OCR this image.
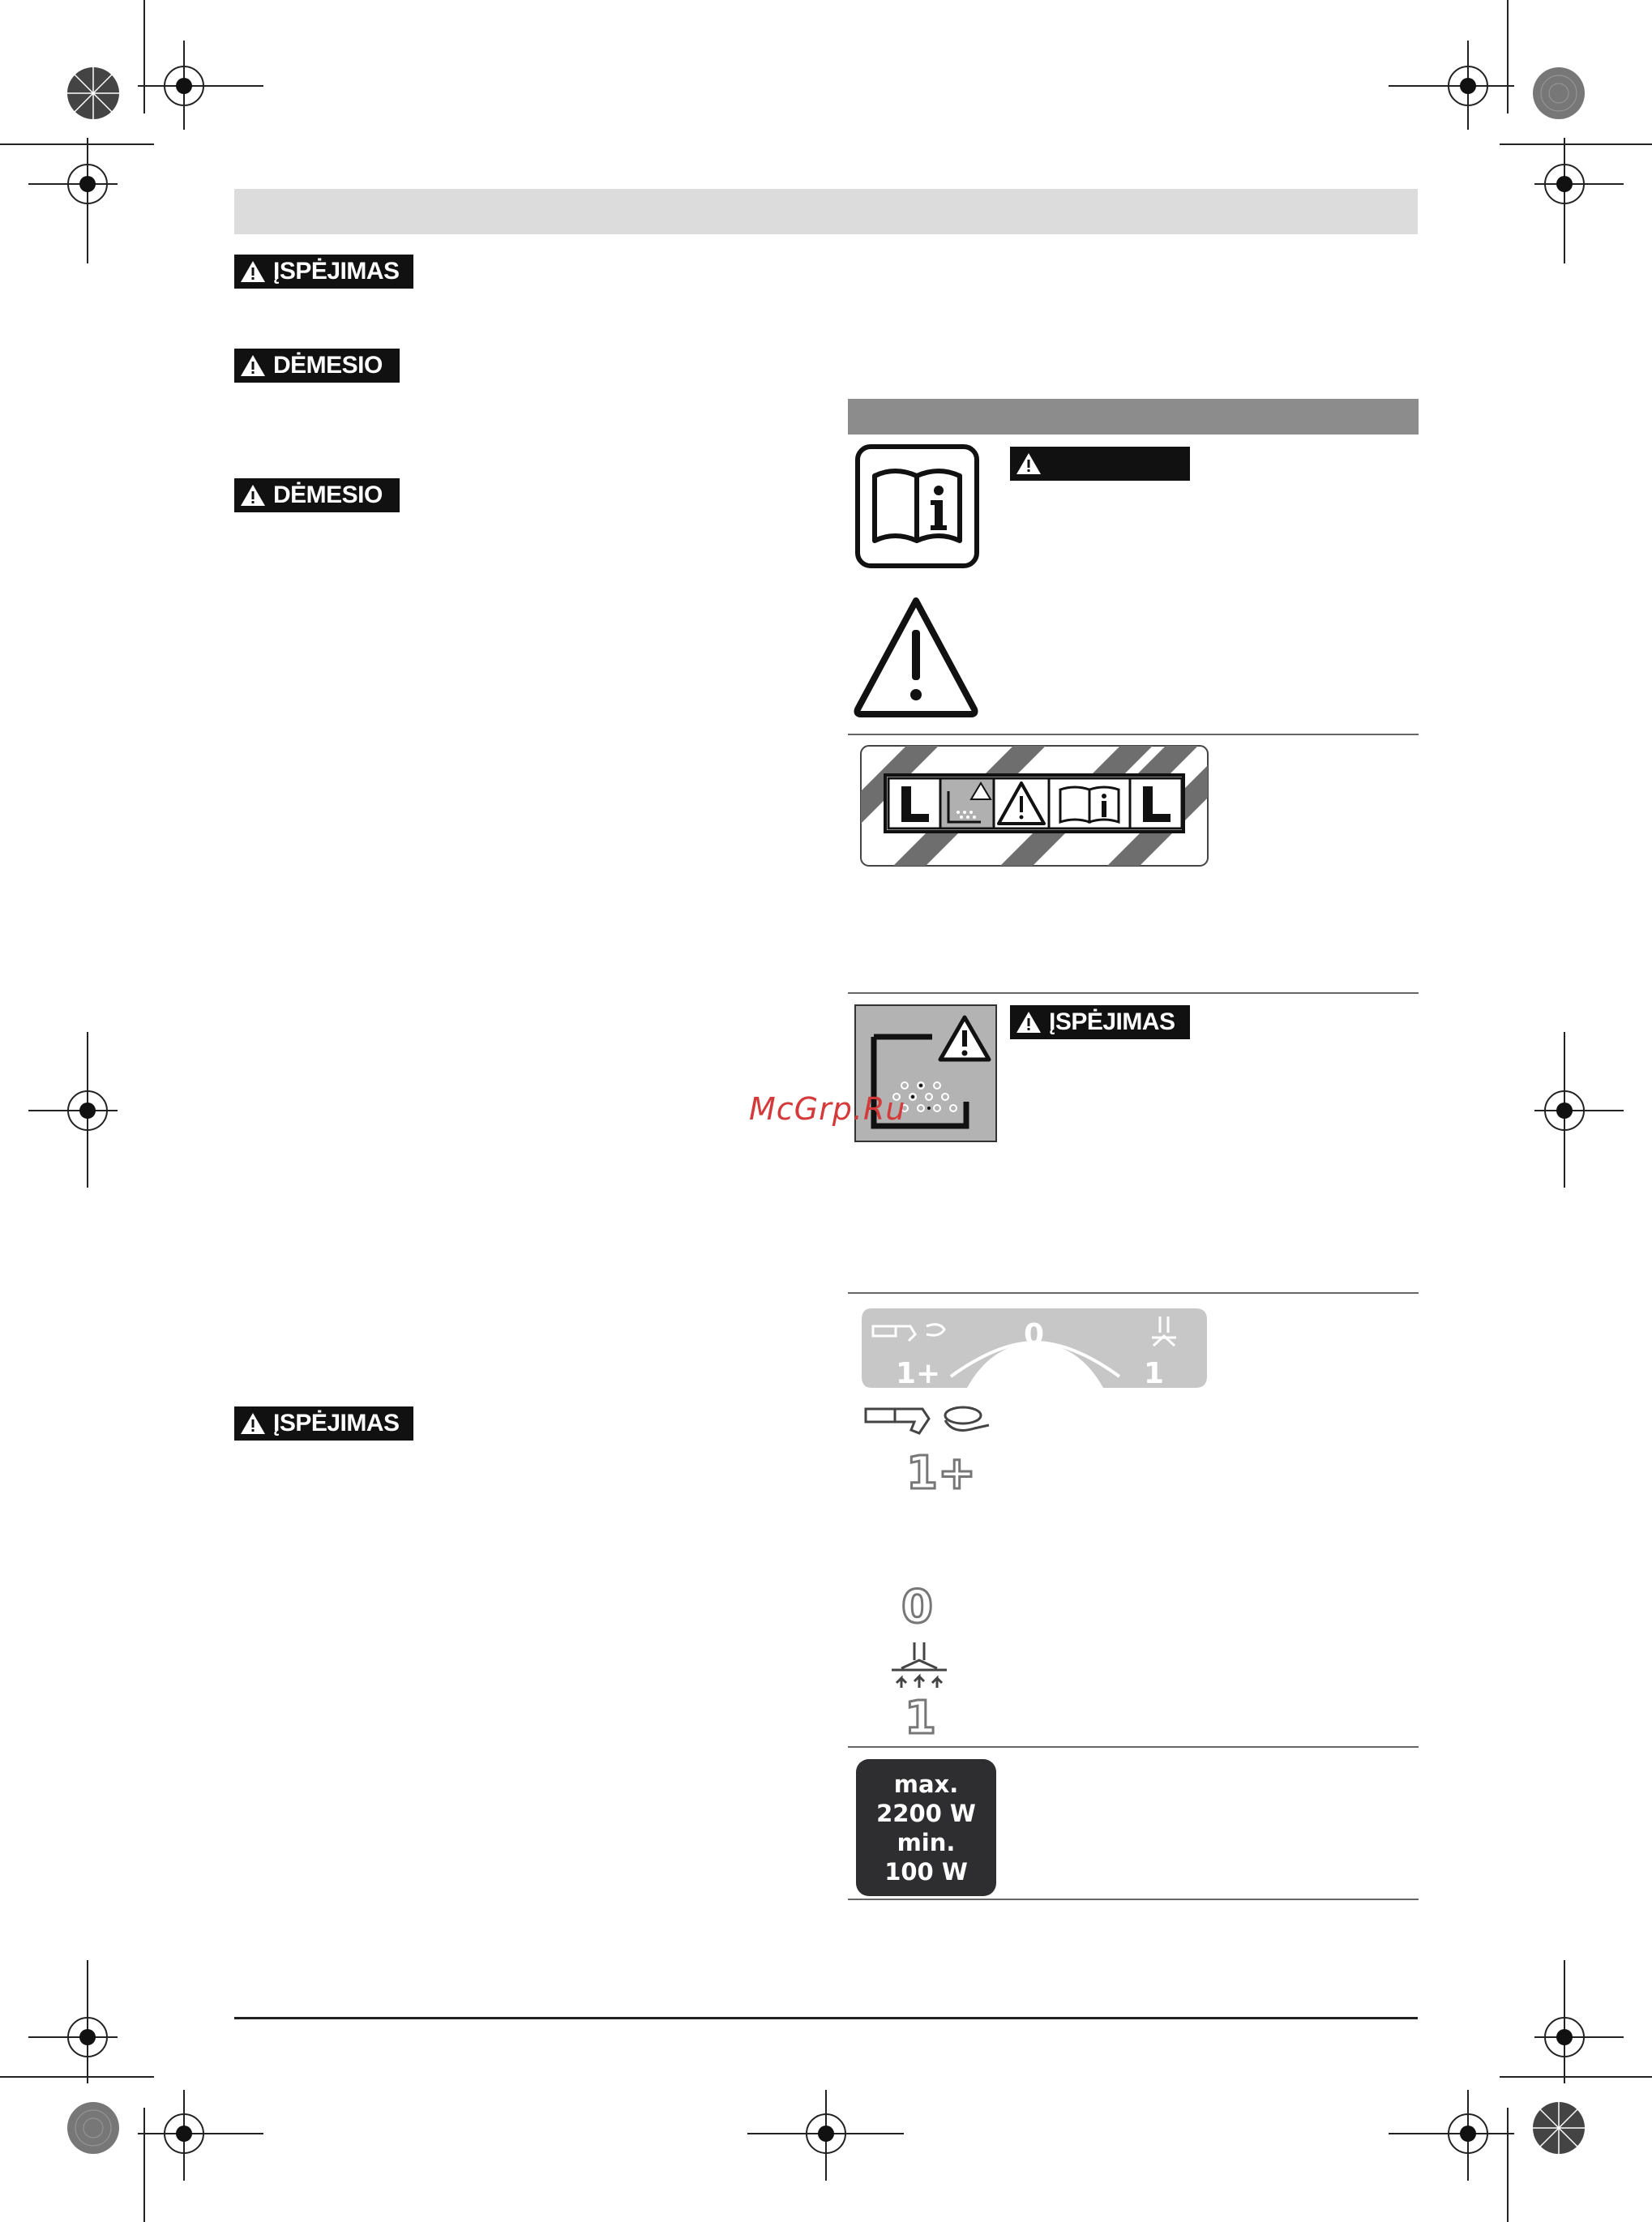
ĮSPĖJIMAS
DĖMESIO
DĖMESIO
ĮSPĖJIMAS
ĮSPĖJIMAS
McGrp.Ru
1+
0
1
1+
0
1
max.
2200 W
min.
100 W
